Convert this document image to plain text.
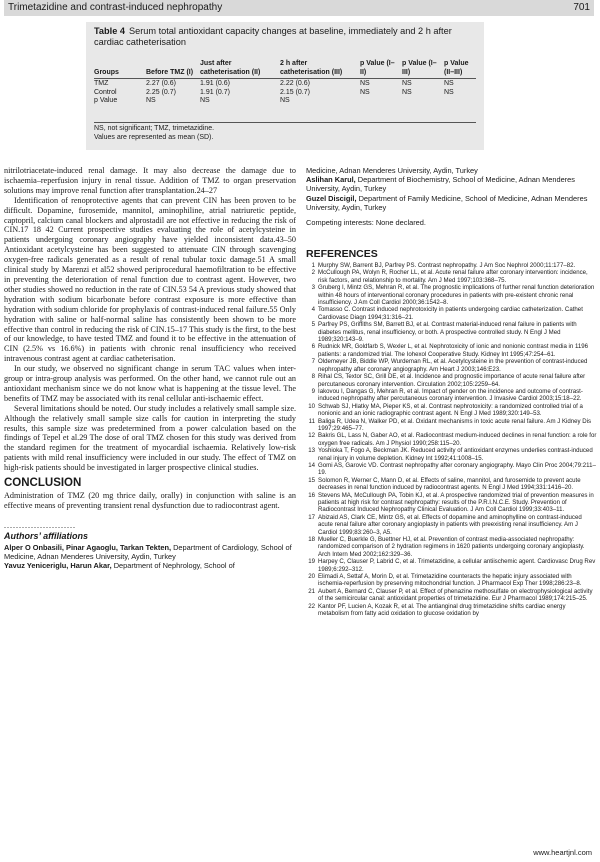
Trimetazidine and contrast-induced nephropathy	701
Table 4 Serum total antioxidant capacity changes at baseline, immediately and 2 h after cardiac catheterisation
Groups	Before TMZ (I)	Just after catheterisation (II)	2 h after catheterisation (III)	p Value (I–II)	p Value (I–III)	p Value (II–III)
TMZ	2.27 (0.6)	1.91 (0.6)	2.22 (0.6)	NS	NS	NS
Control	2.25 (0.7)	1.91 (0.7)	2.15 (0.7)	NS	NS	NS
p Value	NS	NS	NS			
NS, not significant; TMZ, trimetazidine.
Values are represented as mean (SD).

nitrilotriacetate-induced renal damage. It may also decrease the damage due to ischaemia–reperfusion injury in renal tissue. Addition of TMZ to organ preservation solutions may improve renal function after transplantation.24–27

Identification of renoprotective agents that can prevent CIN has been proven to be difficult. Dopamine, furosemide, mannitol, aminophiline, atrial natriuretic peptide, captopril, calcium canal blockers and alprostadil are not effective in reducing the risk of CIN.17 18 42 Current prospective studies evaluating the role of acetylcysteine in patients undergoing coronary angiography have yielded inconsistent data.43–50 Antioxidant acetylcysteine has been suggested to attenuate CIN through scavenging oxygen-free radicals generated as a result of renal tubular toxic damage.51 A small clinical study by Marenzi et al52 showed periprocedural haemofiltration to be effective in preventing the deterioration of renal function due to contrast agent. However, two other studies showed no reduction in the rate of CIN.53 54 A previous study showed that hydration with sodium bicarbonate before contrast exposure is more effective than hydration with sodium chloride for prophylaxis of contrast-induced renal failure.55 Only hydration with saline or half-normal saline has consistently been shown to be more effective than control in reducing the risk of CIN.15–17 This study is the first, to the best of our knowledge, to have tested TMZ and found it to be effective in the attenuation of CIN (2.5% vs 16.6%) in patients with chronic renal insufficiency who received intravenous contrast agent at cardiac catheterisation.

In our study, we observed no significant change in serum TAC values when inter-group or intra-group analysis was performed. On the other hand, we cannot rule out an antioxidant mechanism since we do not know what is happening at the tissue level. The benefits of TMZ may be associated with its renal cellular anti-ischaemic effect.

Several limitations should be noted. Our study includes a relatively small sample size. Although the relatively small sample size calls for caution in interpreting the study results, this sample size was predetermined from a power calculation based on the findings of Tepel et al.29 The dose of oral TMZ chosen for this study was derived from the standard regimen for the treatment of myocardial ischaemia. Relatively low-risk patients with mild renal insufficiency were included in our study. The effect of TMZ on high-risk patients should be investigated in larger prospective clinical studies.

CONCLUSION

Administration of TMZ (20 mg thrice daily, orally) in conjunction with saline is an effective means of preventing transient renal dysfunction due to radiocontrast agent.

........................
Authors’ affiliations

Alper O Onbasili, Pinar Agaoglu, Tarkan Tekten, Department of Cardiology, School of Medicine, Adnan Menderes University, Aydin, Turkey

Yavuz Yeniceriglu, Harun Akar, Department of Nephrology, School of

Medicine, Adnan Menderes University, Aydin, Turkey

Aslihan Karul, Department of Biochemistry, School of Medicine, Adnan Menderes University, Aydin, Turkey

Guzel Discigil, Department of Family Medicine, School of Medicine, Adnan Menderes University, Aydin, Turkey

Competing interests: None declared.

REFERENCES
1 Murphy SW, Barrent BJ, Parfrey PS. Contrast nephropathy. J Am Soc Nephrol 2000;11:177–82.
2 McCullough PA, Wolyn R, Rocher LL, et al. Acute renal failure after coronary intervention: incidence, risk factors, and relationship to mortality. Am J Med 1997;103:368–75.
3 Gruberg I, Mintz GS, Mehran R, et al. The prognostic implications of further renal function deterioration within 48 hours of interventional coronary procedures in patients with pre-existent chronic renal insufficiency. J Am Coll Cardiol 2000;36:1542–8.
4 Tomasso C. Contrast induced nephrotoxicity in patients undergoing cardiac catheterization. Cathet Cardiovasc Diagn 1994;31:316–21.
5 Parfrey PS, Griffiths SM, Barrett BJ, et al. Contrast material-induced renal failure in patients with diabetes mellitus, renal insufficiency, or both. A prospective controlled study. N Engl J Med 1989;320:143–9.
6 Rudnick MR, Goldfarb S, Wexler L, et al. Nephrotoxicity of ionic and nonionic contrast media in 1196 patients: a randomized trial. The Iohexol Cooperative Study. Kidney Int 1995;47:254–61.
7 Oldemeyer JB, Biddle WP, Wurdeman RL, et al. Acetylcysteine in the prevention of contrast-induced nephropathy after coronary angiography. Am Heart J 2003;146:E23.
8 Rihal CS, Textor SC, Grill DE, et al. Incidence and prognostic importance of acute renal failure after percutaneous coronary intervention. Circulation 2002;105:2259–64.
9 Iakovou I, Dangas G, Mehran R, et al. Impact of gender on the incidence and outcome of contrast-induced nephropathy after percutaneous coronary intervention. J Invasive Cardiol 2003;15:18–22.
10 Schwab SJ, Hlatky MA, Pieper KS, et al. Contrast nephrotoxicity: a randomized controlled trial of a nonionic and an ionic radiographic contrast agent. N Engl J Med 1989;320:149–53.
11 Baliga R, Udea N, Walker PD, et al. Oxidant mechanisms in toxic acute renal failure. Am J Kidney Dis 1997;29:465–77.
12 Bakris GL, Lass N, Gaber AO, et al. Radiocontrast medium-induced declines in renal function: a role for oxygen free radicals. Am J Physiol 1990;258:115–20.
13 Yoshioka T, Fogo A, Beckman JK. Reduced activity of antioxidant enzymes underlies contrast-induced renal injury in volume depletion. Kidney Int 1992;41:1008–15.
14 Gomi AS, Garovic VD. Contrast nephropathy after coronary angiography. Mayo Clin Proc 2004;79:211–19.
15 Solomon R, Werner C, Mann D, et al. Effects of saline, mannitol, and furosemide to prevent acute decreases in renal function induced by radiocontrast agents. N Engl J Med 1994;331:1416–20.
16 Stevens MA, McCullough PA, Tobin KJ, et al. A prospective randomized trial of prevention measures in patients at high risk for contrast nephropathy: results of the P.R.I.N.C.E. Study. Prevention of Radiocontrast Induced Nephropathy Clinical Evaluation. J Am Coll Cardiol 1999;33:403–11.
17 Abizaid AS, Clark CE, Mintz GS, et al. Effects of dopamine and aminophylline on contrast-induced acute renal failure after coronary angioplasty in patients with preexisting renal insufficiency. Am J Cardiol 1999;83:260–3, A5.
18 Mueller C, Buerkle G, Buettner HJ, et al. Prevention of contrast media-associated nephropathy: randomized comparison of 2 hydration regimens in 1620 patients undergoing coronary angioplasty. Arch Intern Med 2002;162:329–36.
19 Harpey C, Clauser P, Labrid C, et al. Trimetazidine, a cellular antiischemic agent. Cardiovasc Drug Rev 1989;6:292–312.
20 Elimadi A, Settaf A, Morin D, et al. Trimetazidine counteracts the hepatic injury associated with ischemia-reperfusion by preserving mitochondrial function. J Pharmacol Exp Ther 1998;286:23–8.
21 Aubert A, Bernard C, Clauser P, et al. Effect of phenazine methosulfate on electrophysiological activity of the semicircular canal: antioxidant properties of trimetazidine. Eur J Pharmacol 1989;174:215–25.
22 Kantor PF, Lucien A, Kozak R, et al. The antianginal drug trimetazidine shifts cardiac energy metabolism from fatty acid oxidation to glucose oxidation by
www.heartjnl.com
